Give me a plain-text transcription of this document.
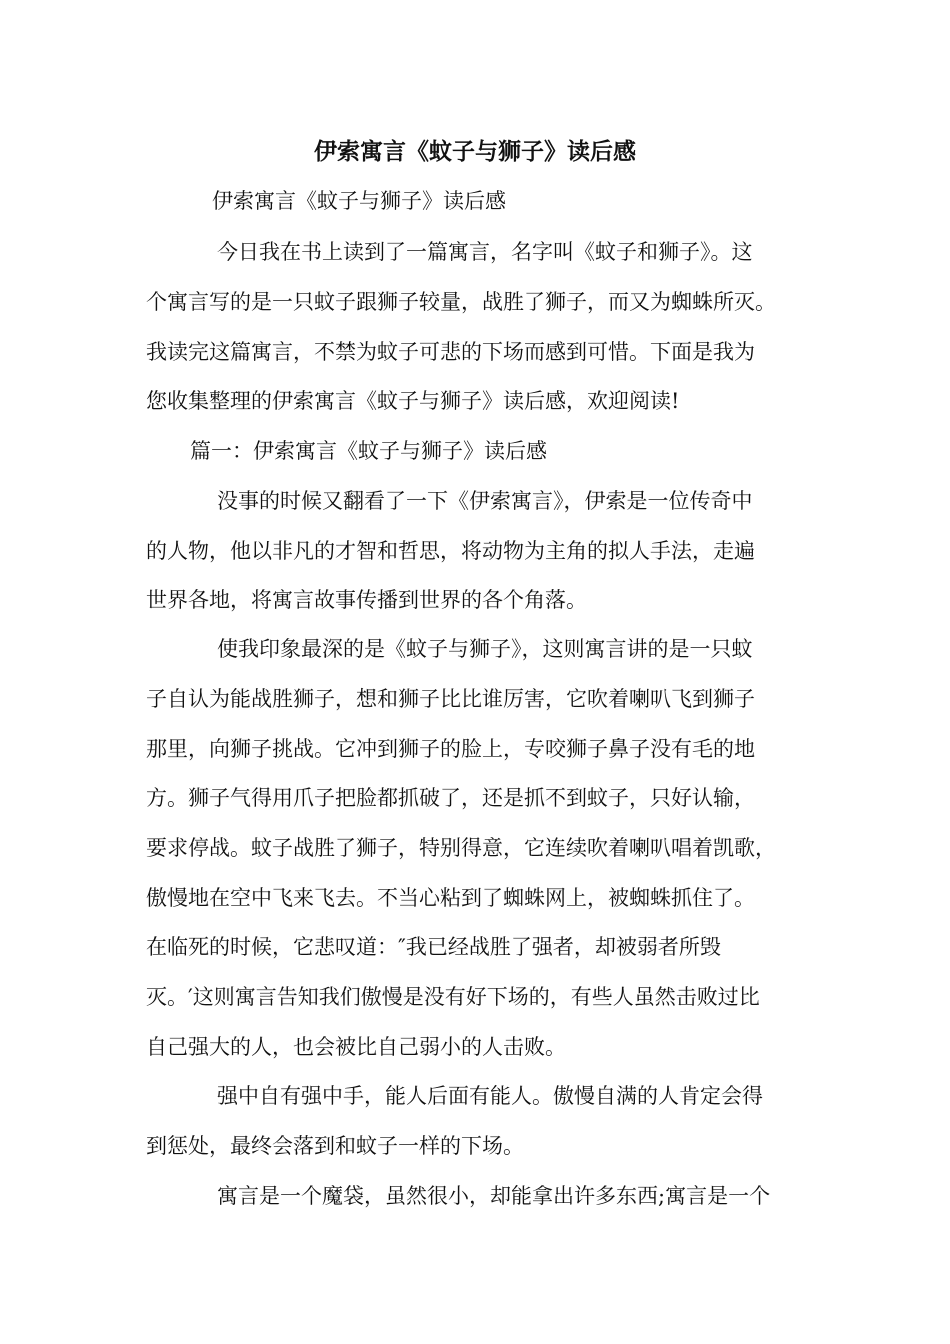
伊索寓言《蚊子与狮子》读后感
伊索寓言《蚊子与狮子》读后感
今日我在书上读到了一篇寓言，名字叫《蚊子和狮子》。这
个寓言写的是一只蚊子跟狮子较量，战胜了狮子，而又为蜘蛛所灭。
我读完这篇寓言，不禁为蚊子可悲的下场而感到可惜。下面是我为
您收集整理的伊索寓言《蚊子与狮子》读后感，欢迎阅读!
篇一：伊索寓言《蚊子与狮子》读后感
没事的时候又翻看了一下《伊索寓言》，伊索是一位传奇中
的人物，他以非凡的才智和哲思，将动物为主角的拟人手法，走遍
世界各地，将寓言故事传播到世界的各个角落。
使我印象最深的是《蚊子与狮子》，这则寓言讲的是一只蚊
子自认为能战胜狮子，想和狮子比比谁厉害，它吹着喇叭飞到狮子
那里，向狮子挑战。它冲到狮子的脸上，专咬狮子鼻子没有毛的地
方。狮子气得用爪子把脸都抓破了，还是抓不到蚊子，只好认输，
要求停战。蚊子战胜了狮子，特别得意，它连续吹着喇叭唱着凯歌，
傲慢地在空中飞来飞去。不当心粘到了蜘蛛网上，被蜘蛛抓住了。
在临死的时候，它悲叹道：″我已经战胜了强者，却被弱者所毁
灭。′这则寓言告知我们傲慢是没有好下场的，有些人虽然击败过比
自己强大的人，也会被比自己弱小的人击败。
强中自有强中手，能人后面有能人。傲慢自满的人肯定会得
到惩处，最终会落到和蚊子一样的下场。
寓言是一个魔袋，虽然很小，却能拿出许多东西;寓言是一个
